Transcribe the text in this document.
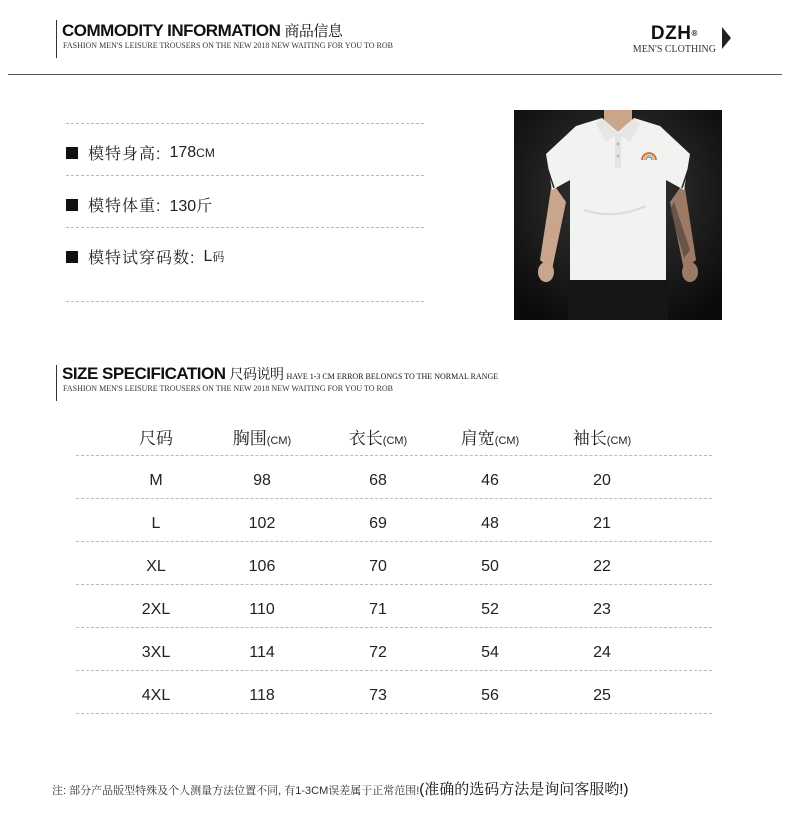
COMMODITY INFORMATION 商品信息
FASHION MEN'S LEISURE TROUSERS ON THE NEW 2018 NEW WAITING FOR YOU TO ROB
DZH®
MEN'S CLOTHING
模特身高: 178 CM
模特体重: 130斤
模特试穿码数: L 码
SIZE SPECIFICATION 尺码说明 HAVE 1-3 CM ERROR BELONGS TO THE NORMAL RANGE
FASHION MEN'S LEISURE TROUSERS ON THE NEW 2018 NEW WAITING FOR YOU TO ROB
尺码	胸围(CM)	衣长(CM)	肩宽(CM)	袖长(CM)
M	98	68	46	20
L	102	69	48	21
XL	106	70	50	22
2XL	110	71	52	23
3XL	114	72	54	24
4XL	118	73	56	25
注: 部分产品版型特殊及个人测量方法位置不同, 有1-3CM误差属于正常范围!(准确的选码方法是询问客服哟!)
